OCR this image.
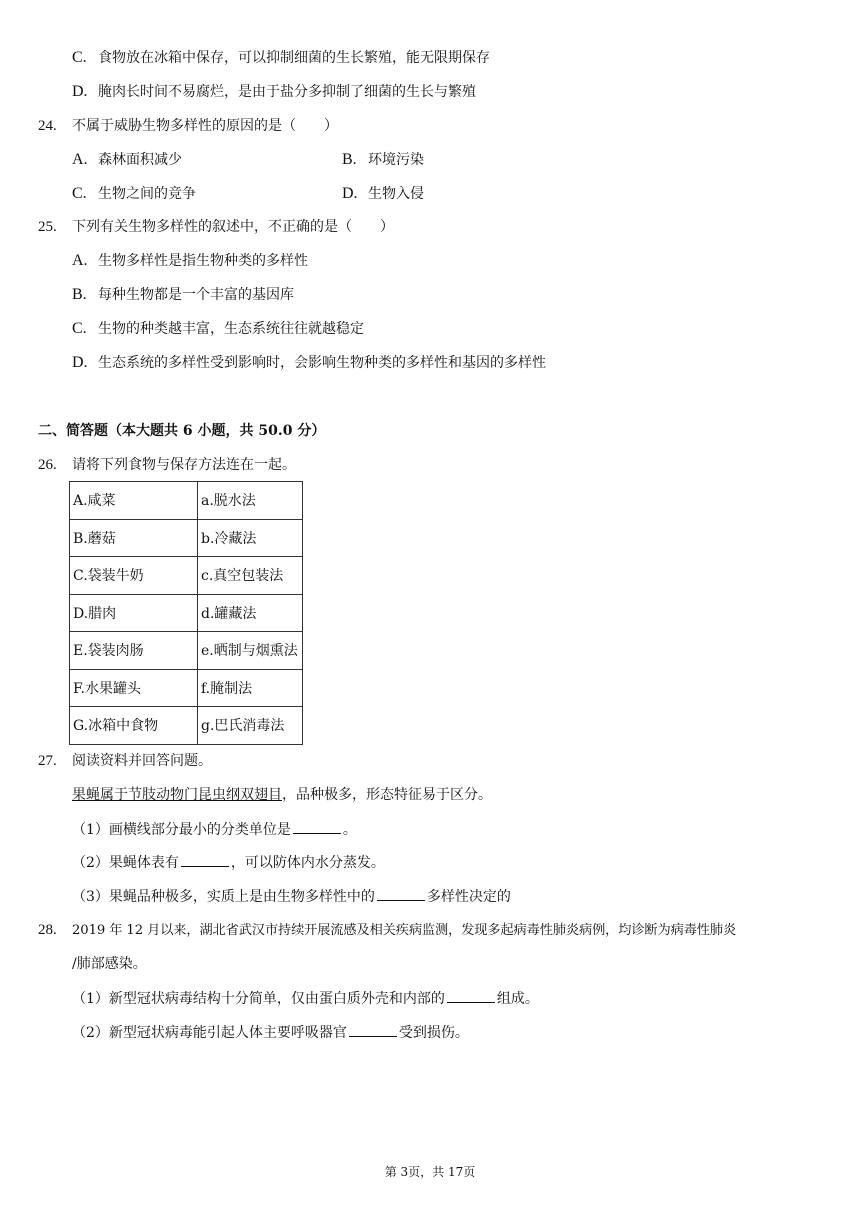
C. 食物放在冰箱中保存，可以抑制细菌的生长繁殖，能无限期保存
D. 腌肉长时间不易腐烂，是由于盐分多抑制了细菌的生长与繁殖
24. 不属于威胁生物多样性的原因的是（　　）
A. 森林面积减少	B. 环境污染
C. 生物之间的竞争	D. 生物入侵
25. 下列有关生物多样性的叙述中，不正确的是（　　）
A. 生物多样性是指生物种类的多样性
B. 每种生物都是一个丰富的基因库
C. 生物的种类越丰富，生态系统往往就越稳定
D. 生态系统的多样性受到影响时，会影响生物种类的多样性和基因的多样性
二、简答题（本大题共 6 小题，共 50.0 分）
26. 请将下列食物与保存方法连在一起。
A.咸菜	a.脱水法
B.蘑菇	b.冷藏法
C.袋装牛奶	c.真空包装法
D.腊肉	d.罐藏法
E.袋装肉肠	e.晒制与烟熏法
F.水果罐头	f.腌制法
G.冰箱中食物	g.巴氏消毒法
27. 阅读资料并回答问题。
果蝇属于节肢动物门昆虫纲双翅目，品种极多，形态特征易于区分。
（1）画横线部分最小的分类单位是	。
（2）果蝇体表有	，可以防体内水分蒸发。
（3）果蝇品种极多，实质上是由生物多样性中的	多样性决定的
28. 2019 年 12 月以来，湖北省武汉市持续开展流感及相关疾病监测，发现多起病毒性肺炎病例，均诊断为病毒性肺炎
/肺部感染。
（1）新型冠状病毒结构十分简单，仅由蛋白质外壳和内部的	组成。
（2）新型冠状病毒能引起人体主要呼吸器官	受到损伤。
第 3页，共 17页
